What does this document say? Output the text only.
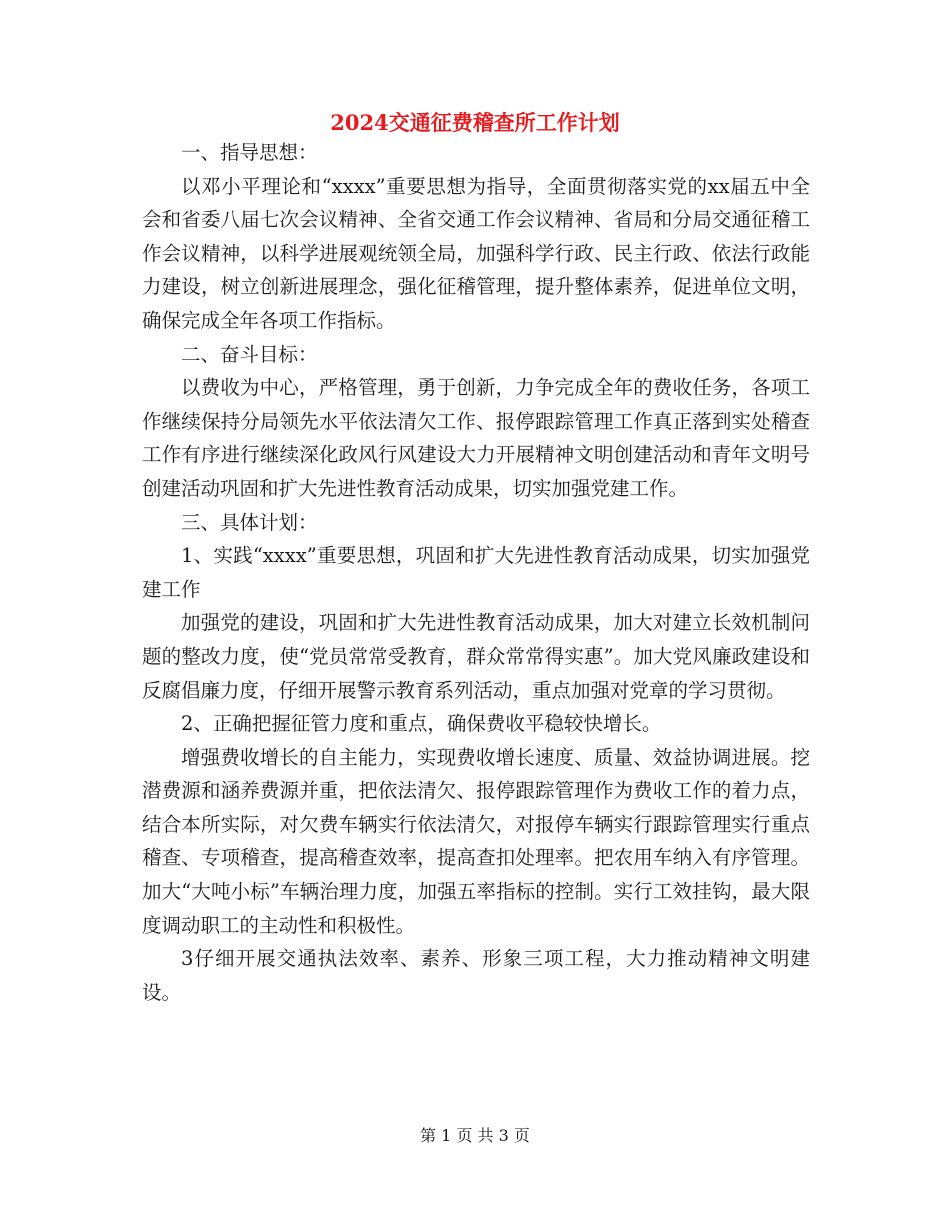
2024交通征费稽查所工作计划

一、指导思想：

以邓小平理论和“xxxx”重要思想为指导，全面贯彻落实党的xx届五中全会和省委八届七次会议精神、全省交通工作会议精神、省局和分局交通征稽工作会议精神，以科学进展观统领全局，加强科学行政、民主行政、依法行政能力建设，树立创新进展理念，强化征稽管理，提升整体素养，促进单位文明，确保完成全年各项工作指标。

二、奋斗目标：

以费收为中心，严格管理，勇于创新，力争完成全年的费收任务，各项工作继续保持分局领先水平依法清欠工作、报停跟踪管理工作真正落到实处稽查工作有序进行继续深化政风行风建设大力开展精神文明创建活动和青年文明号创建活动巩固和扩大先进性教育活动成果，切实加强党建工作。

三、具体计划：

1、实践“xxxx”重要思想，巩固和扩大先进性教育活动成果，切实加强党建工作

加强党的建设，巩固和扩大先进性教育活动成果，加大对建立长效机制问题的整改力度，使“党员常常受教育，群众常常得实惠”。加大党风廉政建设和反腐倡廉力度，仔细开展警示教育系列活动，重点加强对党章的学习贯彻。

2、正确把握征管力度和重点，确保费收平稳较快增长。

增强费收增长的自主能力，实现费收增长速度、质量、效益协调进展。挖潜费源和涵养费源并重，把依法清欠、报停跟踪管理作为费收工作的着力点，结合本所实际，对欠费车辆实行依法清欠，对报停车辆实行跟踪管理实行重点稽查、专项稽查，提高稽查效率，提高查扣处理率。把农用车纳入有序管理。加大“大吨小标”车辆治理力度，加强五率指标的控制。实行工效挂钩，最大限度调动职工的主动性和积极性。

3仔细开展交通执法效率、素养、形象三项工程，大力推动精神文明建设。

第 1 页 共 3 页
